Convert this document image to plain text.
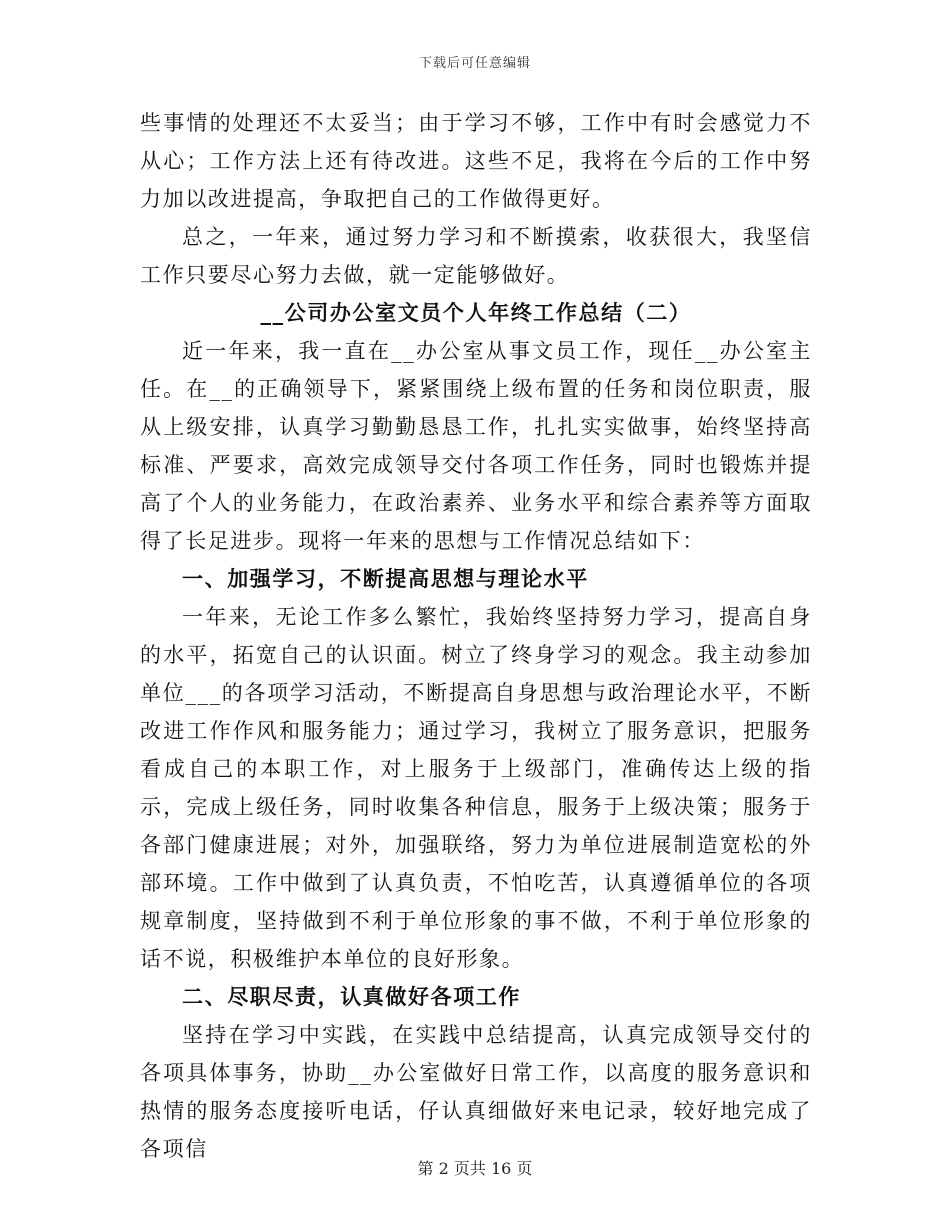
下载后可任意编辑

些事情的处理还不太妥当；由于学习不够，工作中有时会感觉力不从心；工作方法上还有待改进。这些不足，我将在今后的工作中努力加以改进提高，争取把自己的工作做得更好。

总之，一年来，通过努力学习和不断摸索，收获很大，我坚信工作只要尽心努力去做，就一定能够做好。

__公司办公室文员个人年终工作总结（二）

近一年来，我一直在__办公室从事文员工作，现任__办公室主任。在__的正确领导下，紧紧围绕上级布置的任务和岗位职责，服从上级安排，认真学习勤勤恳恳工作，扎扎实实做事，始终坚持高标准、严要求，高效完成领导交付各项工作任务，同时也锻炼并提高了个人的业务能力，在政治素养、业务水平和综合素养等方面取得了长足进步。现将一年来的思想与工作情况总结如下：

一、加强学习，不断提高思想与理论水平

一年来，无论工作多么繁忙，我始终坚持努力学习，提高自身的水平，拓宽自己的认识面。树立了终身学习的观念。我主动参加单位___的各项学习活动，不断提高自身思想与政治理论水平，不断改进工作作风和服务能力；通过学习，我树立了服务意识，把服务看成自己的本职工作，对上服务于上级部门，准确传达上级的指示，完成上级任务，同时收集各种信息，服务于上级决策；服务于各部门健康进展；对外，加强联络，努力为单位进展制造宽松的外部环境。工作中做到了认真负责，不怕吃苦，认真遵循单位的各项规章制度，坚持做到不利于单位形象的事不做，不利于单位形象的话不说，积极维护本单位的良好形象。

二、尽职尽责，认真做好各项工作

坚持在学习中实践，在实践中总结提高，认真完成领导交付的各项具体事务，协助__办公室做好日常工作，以高度的服务意识和热情的服务态度接听电话，仔认真细做好来电记录，较好地完成了各项信

第 2 页共 16 页
